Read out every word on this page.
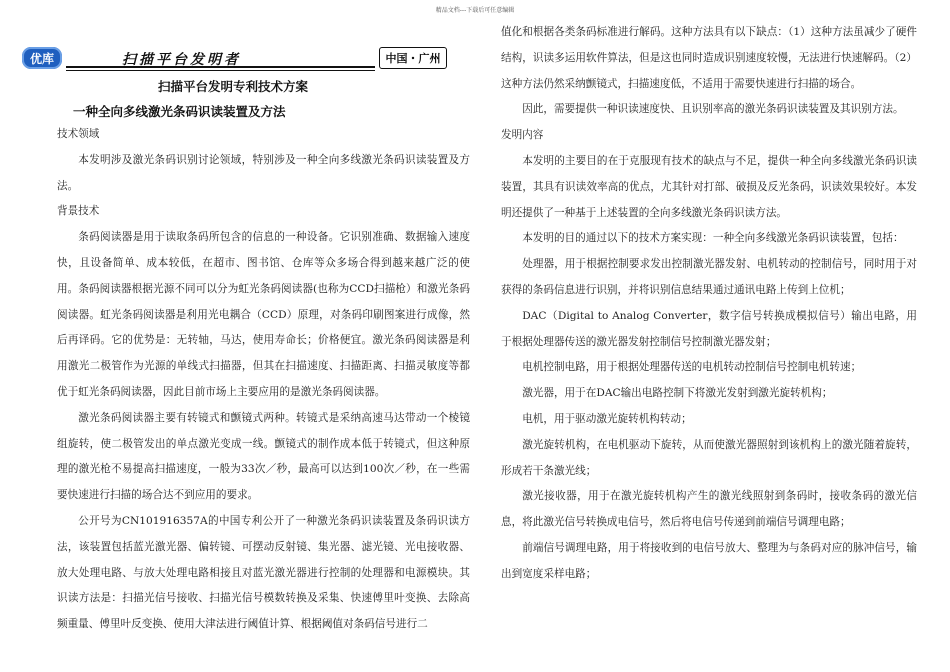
精品文档---下载后可任意编辑
优库	扫描平台发明者	中国・广州
扫描平台发明专利技术方案
一种全向多线激光条码识读装置及方法

技术领域

本发明涉及激光条码识别讨论领域，特别涉及一种全向多线激光条码识读装置及方法。

背景技术

条码阅读器是用于读取条码所包含的信息的一种设备。它识别准确、数据输入速度快，且设备简单、成本较低，在超市、图书馆、仓库等众多场合得到越来越广泛的使用。条码阅读器根据光源不同可以分为虹光条码阅读器(也称为CCD扫描枪）和激光条码阅读器。虹光条码阅读器是利用光电耦合（CCD）原理，对条码印刷图案进行成像，然后再译码。它的优势是：无转轴，马达，使用寿命长；价格便宜。激光条码阅读器是利用激光二极管作为光源的单线式扫描器，但其在扫描速度、扫描距离、扫描灵敏度等都优于虹光条码阅读器，因此目前市场上主要应用的是激光条码阅读器。

激光条码阅读器主要有转镜式和颤镜式两种。转镜式是采纳高速马达带动一个棱镜组旋转，使二极管发出的单点激光变成一线。颤镜式的制作成本低于转镜式，但这种原理的激光枪不易提高扫描速度，一般为33次／秒，最高可以达到100次／秒，在一些需要快速进行扫描的场合达不到应用的要求。

公开号为CN101916357A的中国专利公开了一种激光条码识读装置及条码识读方法，该装置包括蓝光激光器、偏转镜、可摆动反射镜、集光器、滤光镜、光电接收器、放大处理电路、与放大处理电路相接且对蓝光激光器进行控制的处理器和电源模块。其识读方法是：扫描光信号接收、扫描光信号模数转换及采集、快速傅里叶变换、去除高频重量、傅里叶反变换、使用大津法进行阈值计算、根据阈值对条码信号进行二

值化和根据各类条码标准进行解码。这种方法具有以下缺点：（1）这种方法虽减少了硬件结构，识读多运用软件算法，但是这也同时造成识别速度较慢，无法进行快速解码。（2）这种方法仍然采纳颤镜式，扫描速度低，不适用于需要快速进行扫描的场合。

因此，需要提供一种识读速度快、且识别率高的激光条码识读装置及其识别方法。

发明内容

本发明的主要目的在于克服现有技术的缺点与不足，提供一种全向多线激光条码识读装置，其具有识读效率高的优点，尤其针对打部、破损及反光条码，识读效果较好。本发明还提供了一种基于上述装置的全向多线激光条码识读方法。

本发明的目的通过以下的技术方案实现：一种全向多线激光条码识读装置，包括：

处理器，用于根据控制要求发出控制激光器发射、电机转动的控制信号，同时用于对获得的条码信息进行识别，并将识别信息结果通过通讯电路上传到上位机；

DAC（Digital to Analog Converter，数字信号转换成模拟信号）输出电路，用于根据处理器传送的激光器发射控制信号控制激光器发射；

电机控制电路，用于根据处理器传送的电机转动控制信号控制电机转速；

激光器，用于在DAC输出电路控制下将激光发射到激光旋转机构；

电机，用于驱动激光旋转机构转动；

激光旋转机构，在电机驱动下旋转，从而使激光器照射到该机构上的激光随着旋转，形成若干条激光线；

激光接收器，用于在激光旋转机构产生的激光线照射到条码时，接收条码的激光信息，将此激光信号转换成电信号，然后将电信号传递到前端信号调理电路；

前端信号调理电路，用于将接收到的电信号放大、整理为与条码对应的脉冲信号，输出到宽度采样电路；
